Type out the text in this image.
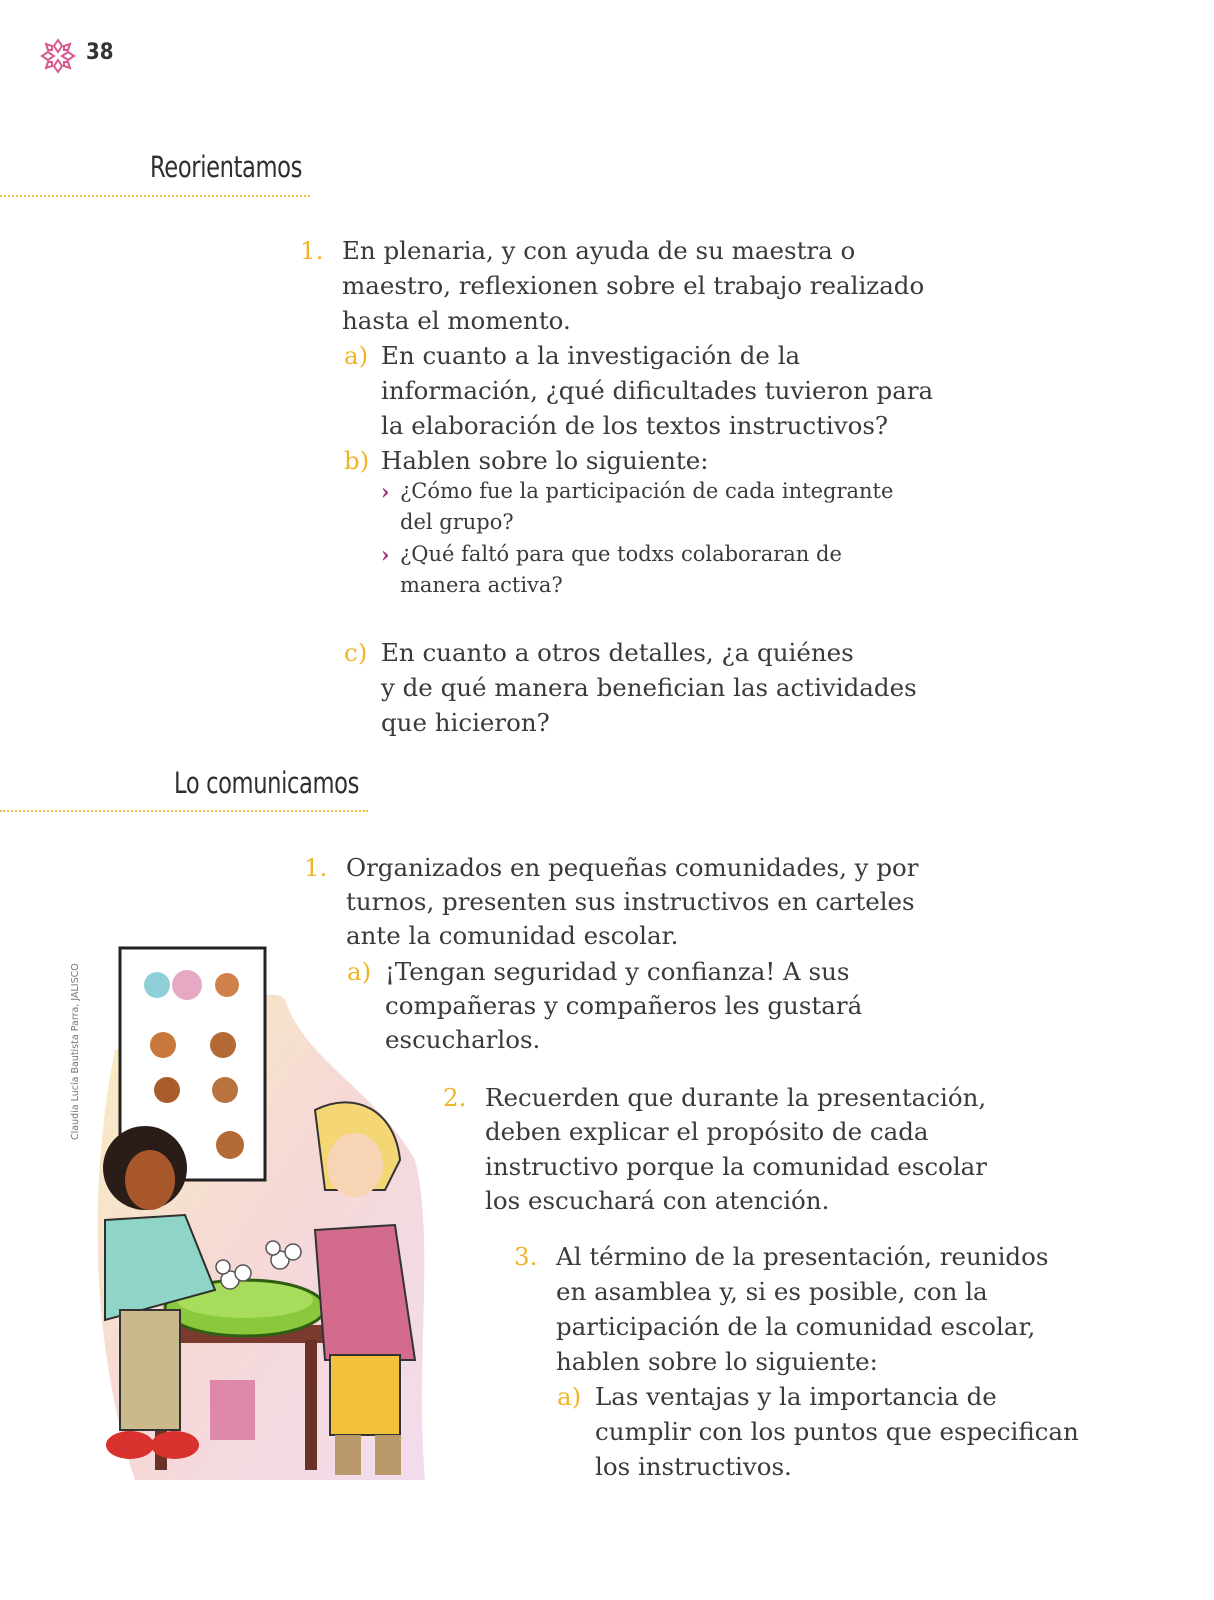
38
Reorientamos
1. En plenaria, y con ayuda de su maestra o
maestro, reflexionen sobre el trabajo realizado
hasta el momento.
a) En cuanto a la investigación de la
información, ¿qué dificultades tuvieron para
la elaboración de los textos instructivos?
b) Hablen sobre lo siguiente:
› ¿Cómo fue la participación de cada integrante
del grupo?
› ¿Qué faltó para que todxs colaboraran de
manera activa?
c) En cuanto a otros detalles, ¿a quiénes
y de qué manera benefician las actividades
que hicieron?
Lo comunicamos
1. Organizados en pequeñas comunidades, y por
turnos, presenten sus instructivos en carteles
ante la comunidad escolar.
a) ¡Tengan seguridad y confianza! A sus
compañeras y compañeros les gustará
escucharlos.
2. Recuerden que durante la presentación,
deben explicar el propósito de cada
instructivo porque la comunidad escolar
los escuchará con atención.
3. Al término de la presentación, reunidos
en asamblea y, si es posible, con la
participación de la comunidad escolar,
hablen sobre lo siguiente:
a) Las ventajas y la importancia de
cumplir con los puntos que especifican
los instructivos.
Claudia Lucía Bautista Parra, JALISCO
